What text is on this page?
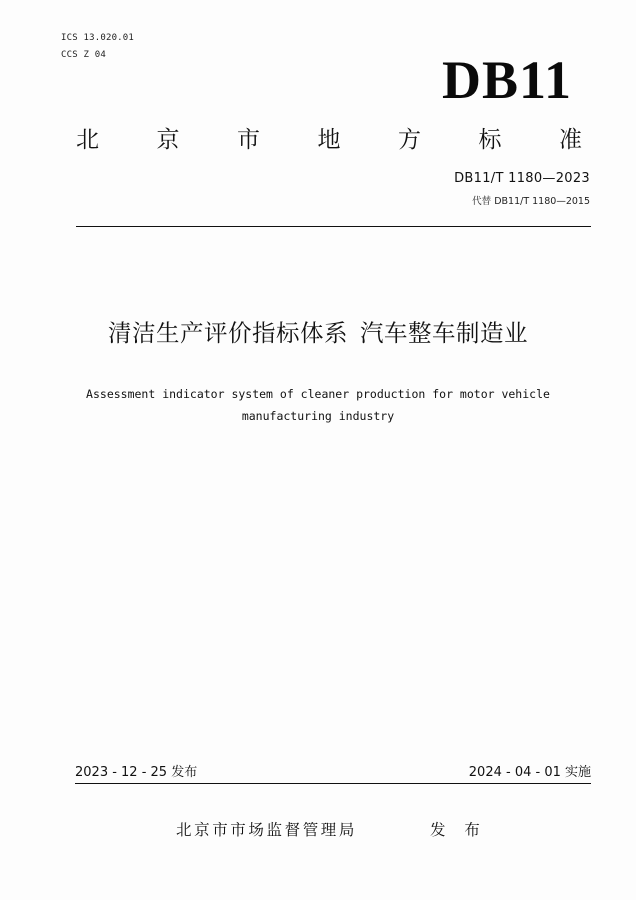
ICS 13.020.01
CCS Z 04	DB11
北	京	市	地	方	标	准
DB11/T 1180—2023
代替 DB11/T 1180—2015
清洁生产评价指标体系 汽车整车制造业
Assessment indicator system of cleaner production for motor vehicle
manufacturing industry
2023 - 12 - 25 发布	2024 - 04 - 01 实施
北京市市场监督管理局	发 布
